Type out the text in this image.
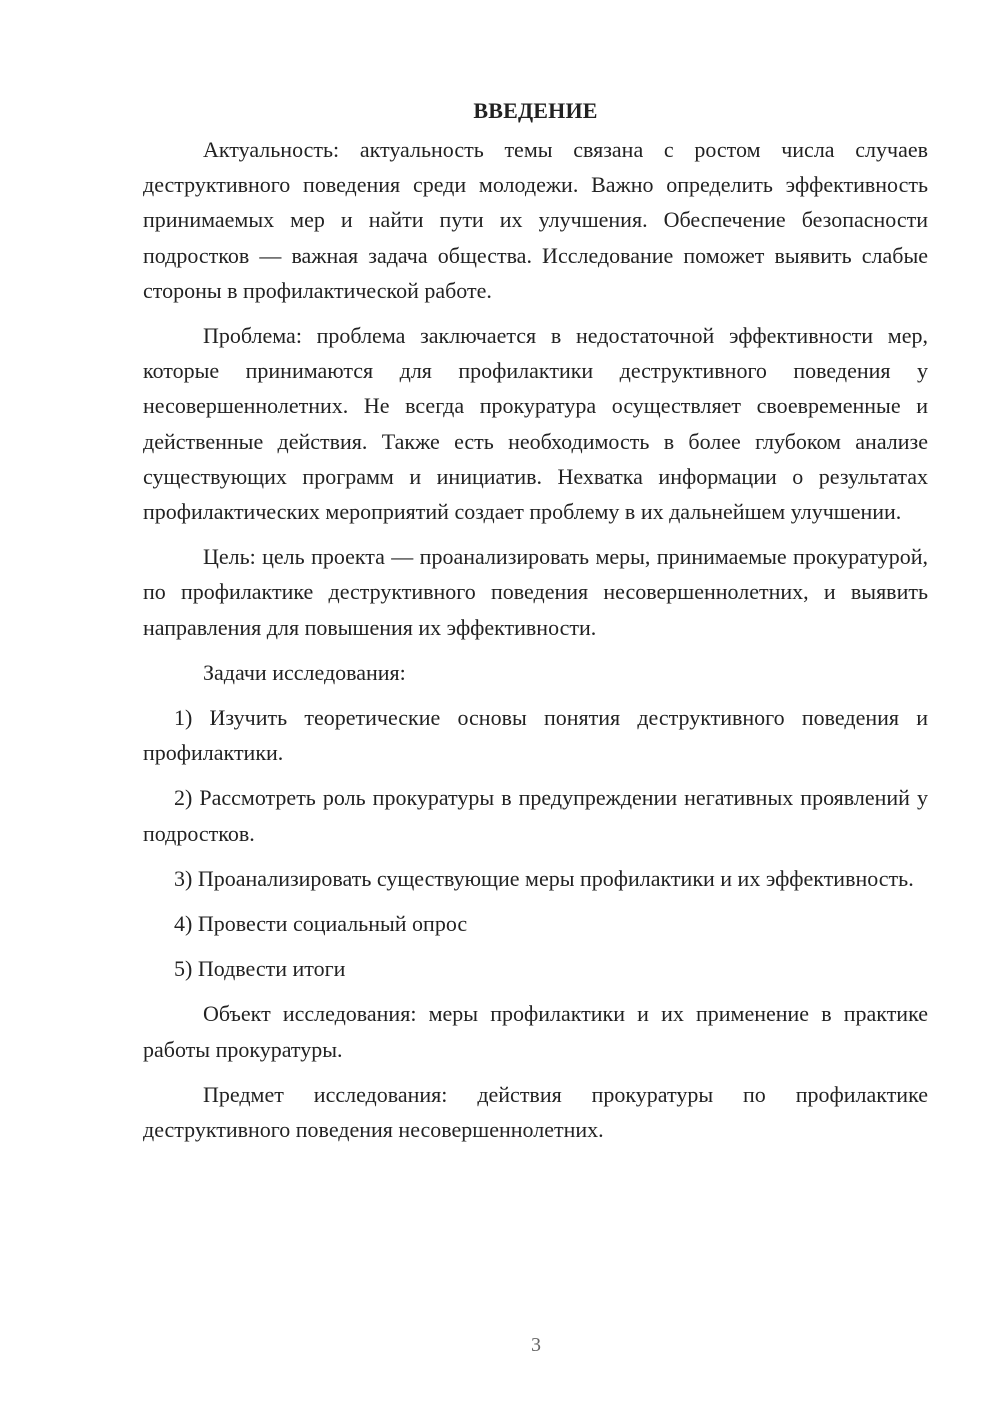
ВВЕДЕНИЕ

Актуальность: актуальность темы связана с ростом числа случаев деструктивного поведения среди молодежи. Важно определить эффективность принимаемых мер и найти пути их улучшения. Обеспечение безопасности подростков — важная задача общества. Исследование поможет выявить слабые стороны в профилактической работе.

Проблема: проблема заключается в недостаточной эффективности мер, которые принимаются для профилактики деструктивного поведения у несовершеннолетних. Не всегда прокуратура осуществляет своевременные и действенные действия. Также есть необходимость в более глубоком анализе существующих программ и инициатив. Нехватка информации о результатах профилактических мероприятий создает проблему в их дальнейшем улучшении.

Цель: цель проекта — проанализировать меры, принимаемые прокуратурой, по профилактике деструктивного поведения несовершеннолетних, и выявить направления для повышения их эффективности.

Задачи исследования:

1) Изучить теоретические основы понятия деструктивного поведения и профилактики.

2) Рассмотреть роль прокуратуры в предупреждении негативных проявлений у подростков.

3) Проанализировать существующие меры профилактики и их эффективность.

4) Провести социальный опрос

5) Подвести итоги

Объект исследования: меры профилактики и их применение в практике работы прокуратуры.

Предмет исследования: действия прокуратуры по профилактике деструктивного поведения несовершеннолетних.

3
